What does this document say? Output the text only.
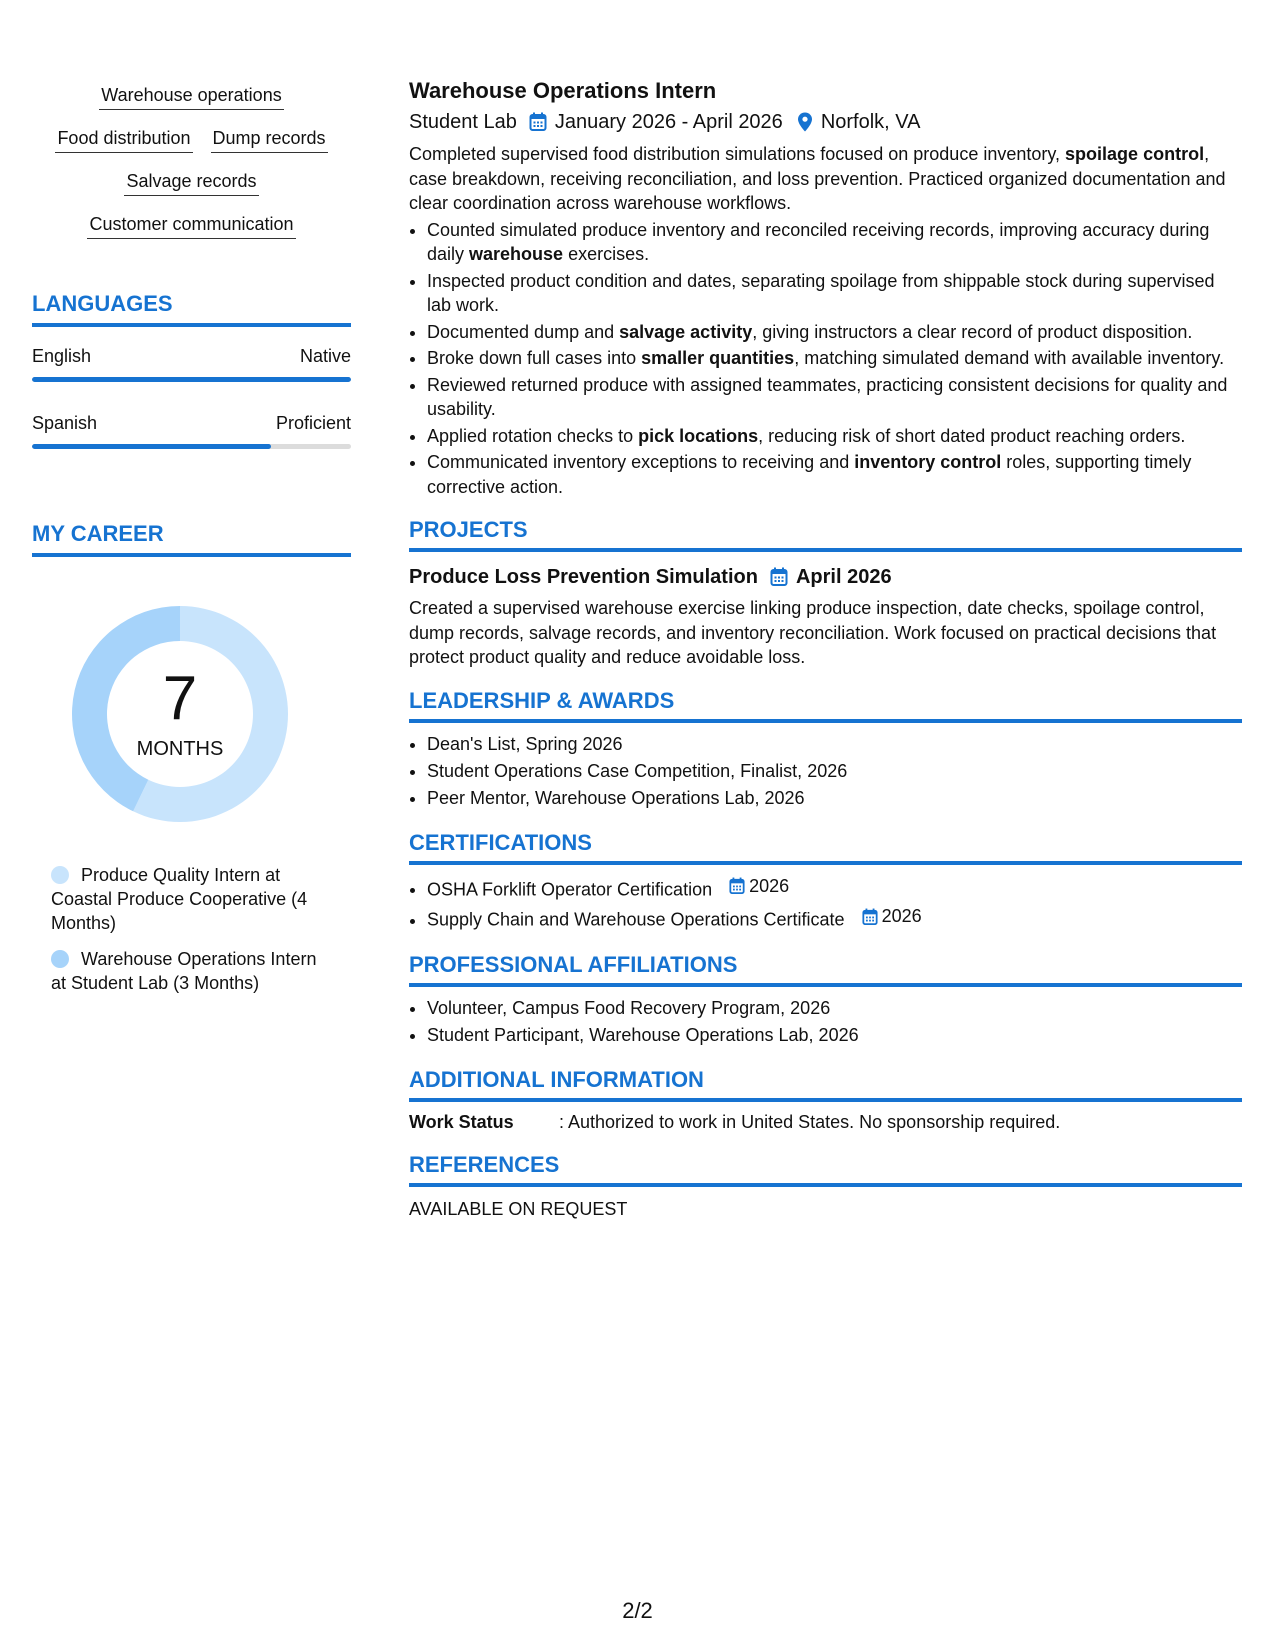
Warehouse operations
Food distribution Dump records
Salvage records
Customer communication
LANGUAGES
English	Native
Spanish	Proficient
MY CAREER
7
MONTHS
Produce Quality Intern at Coastal Produce Cooperative (4 Months)
Warehouse Operations Intern at Student Lab (3 Months)
Warehouse Operations Intern
Student Lab January 2026 - April 2026 Norfolk, VA
Completed supervised food distribution simulations focused on produce inventory, spoilage control, case breakdown, receiving reconciliation, and loss prevention. Practiced organized documentation and clear coordination across warehouse workflows.
• Counted simulated produce inventory and reconciled receiving records, improving accuracy during daily warehouse exercises.
• Inspected product condition and dates, separating spoilage from shippable stock during supervised lab work.
• Documented dump and salvage activity, giving instructors a clear record of product disposition.
• Broke down full cases into smaller quantities, matching simulated demand with available inventory.
• Reviewed returned produce with assigned teammates, practicing consistent decisions for quality and usability.
• Applied rotation checks to pick locations, reducing risk of short dated product reaching orders.
• Communicated inventory exceptions to receiving and inventory control roles, supporting timely corrective action.
PROJECTS
Produce Loss Prevention Simulation April 2026
Created a supervised warehouse exercise linking produce inspection, date checks, spoilage control, dump records, salvage records, and inventory reconciliation. Work focused on practical decisions that protect product quality and reduce avoidable loss.
LEADERSHIP & AWARDS
• Dean's List, Spring 2026
• Student Operations Case Competition, Finalist, 2026
• Peer Mentor, Warehouse Operations Lab, 2026
CERTIFICATIONS
• OSHA Forklift Operator Certification 2026
• Supply Chain and Warehouse Operations Certificate 2026
PROFESSIONAL AFFILIATIONS
• Volunteer, Campus Food Recovery Program, 2026
• Student Participant, Warehouse Operations Lab, 2026
ADDITIONAL INFORMATION
Work Status	: Authorized to work in United States. No sponsorship required.
REFERENCES
AVAILABLE ON REQUEST
2/2
